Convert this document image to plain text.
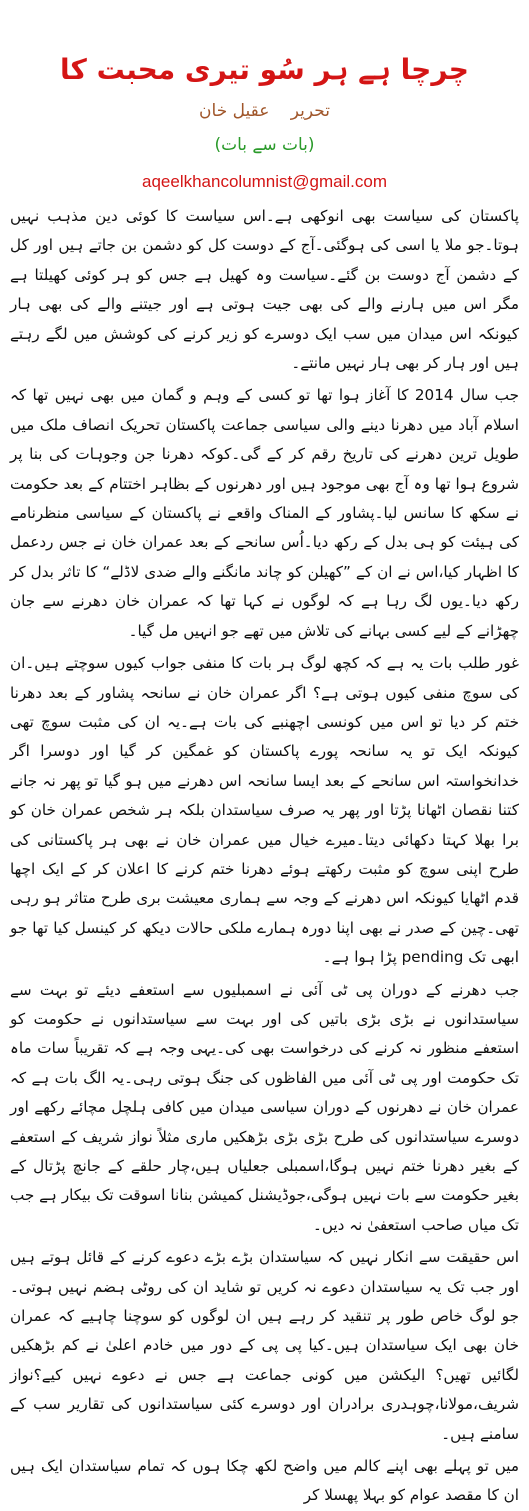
چرچا ہے ہر سُو تیری محبت کا
تحریر عقیل خان
(بات سے بات)
aqeelkhancolumnist@gmail.com

پاکستان کی سیاست بھی انوکھی ہے۔اس سیاست کا کوئی دین مذہب نہیں ہوتا۔جو ملا یا اسی کی ہوگئی۔آج کے دوست کل کو دشمن بن جاتے ہیں اور کل کے دشمن آج دوست بن گئے۔سیاست وہ کھیل ہے جس کو ہر کوئی کھیلتا ہے مگر اس میں ہارنے والے کی بھی جیت ہوتی ہے اور جیتنے والے کی بھی ہار کیونکہ اس میدان میں سب ایک دوسرے کو زیر کرنے کی کوشش میں لگے رہتے ہیں اور ہار کر بھی ہار نہیں مانتے۔

جب سال 2014 کا آغاز ہوا تھا تو کسی کے وہم و گمان میں بھی نہیں تھا کہ اسلام آباد میں دھرنا دینے والی سیاسی جماعت پاکستان تحریک انصاف ملک میں طویل ترین دھرنے کی تاریخ رقم کر کے گی۔کوکہ دھرنا جن وجوہات کی بنا پر شروع ہوا تھا وہ آج بھی موجود ہیں اور دھرنوں کے بظاہر اختتام کے بعد حکومت نے سکھ کا سانس لیا۔پشاور کے المناک واقعے نے پاکستان کے سیاسی منظرنامے کی ہیئت کو ہی بدل کے رکھ دیا۔اُس سانحے کے بعد عمران خان نے جس ردعمل کا اظہار کیا،اس نے ان کے ”کھیلن کو چاند مانگنے والے ضدی لاڈلے“ کا تاثر بدل کر رکھ دیا۔یوں لگ رہا ہے کہ لوگوں نے کہا تھا کہ عمران خان دھرنے سے جان چھڑانے کے لیے کسی بہانے کی تلاش میں تھے جو انہیں مل گیا۔

غور طلب بات یہ ہے کہ کچھ لوگ ہر بات کا منفی جواب کیوں سوچتے ہیں۔ان کی سوچ منفی کیوں ہوتی ہے؟ اگر عمران خان نے سانحہ پشاور کے بعد دھرنا ختم کر دیا تو اس میں کونسی اچھنبے کی بات ہے۔یہ ان کی مثبت سوچ تھی کیونکہ ایک تو یہ سانحہ پورے پاکستان کو غمگین کر گیا اور دوسرا اگر خدانخواستہ اس سانحے کے بعد ایسا سانحہ اس دھرنے میں ہو گیا تو پھر نہ جانے کتنا نقصان اٹھانا پڑتا اور پھر یہ صرف سیاستدان بلکہ ہر شخص عمران خان کو برا بھلا کہتا دکھائی دیتا۔میرے خیال میں عمران خان نے بھی ہر پاکستانی کی طرح اپنی سوچ کو مثبت رکھتے ہوئے دھرنا ختم کرنے کا اعلان کر کے ایک اچھا قدم اٹھایا کیونکہ اس دھرنے کے وجہ سے ہماری معیشت بری طرح متاثر ہو رہی تھی۔چین کے صدر نے بھی اپنا دورہ ہمارے ملکی حالات دیکھ کر کینسل کیا تھا جو ابھی تک pending پڑا ہوا ہے۔

جب دھرنے کے دوران پی ٹی آئی نے اسمبلیوں سے استعفے دیئے تو بہت سے سیاستدانوں نے بڑی بڑی باتیں کی اور بہت سے سیاستدانوں نے حکومت کو استعفے منظور نہ کرنے کی درخواست بھی کی۔یہی وجہ ہے کہ تقریباً سات ماہ تک حکومت اور پی ٹی آئی میں الفاظوں کی جنگ ہوتی رہی۔یہ الگ بات ہے کہ عمران خان نے دھرنوں کے دوران سیاسی میدان میں کافی ہلچل مچائے رکھے اور دوسرے سیاستدانوں کی طرح بڑی بڑی بڑھکیں ماری مثلاً نواز شریف کے استعفے کے بغیر دھرنا ختم نہیں ہوگا،اسمبلی جعلیاں ہیں،چار حلقے کے جانچ پڑتال کے بغیر حکومت سے بات نہیں ہوگی،جوڈیشنل کمیشن بنانا اسوقت تک بیکار ہے جب تک میاں صاحب استعفیٰ نہ دیں۔

اس حقیقت سے انکار نہیں کہ سیاستدان بڑے بڑے دعوے کرنے کے قائل ہوتے ہیں اور جب تک یہ سیاستدان دعوے نہ کریں تو شاید ان کی روٹی ہضم نہیں ہوتی۔جو لوگ خاص طور پر تنقید کر رہے ہیں ان لوگوں کو سوچنا چاہیے کہ عمران خان بھی ایک سیاستدان ہیں۔کیا پی پی کے دور میں خادم اعلیٰ نے کم بڑھکیں لگائیں تھیں؟ الیکشن میں کونی جماعت ہے جس نے دعوے نہیں کیے؟نواز شریف،مولانا،چوہدری برادران اور دوسرے کئی سیاستدانوں کی تقاریر سب کے سامنے ہیں۔

میں تو پہلے بھی اپنے کالم میں واضح لکھ چکا ہوں کہ تمام سیاستدان ایک ہیں ان کا مقصد عوام کو بہلا پھسلا کر
